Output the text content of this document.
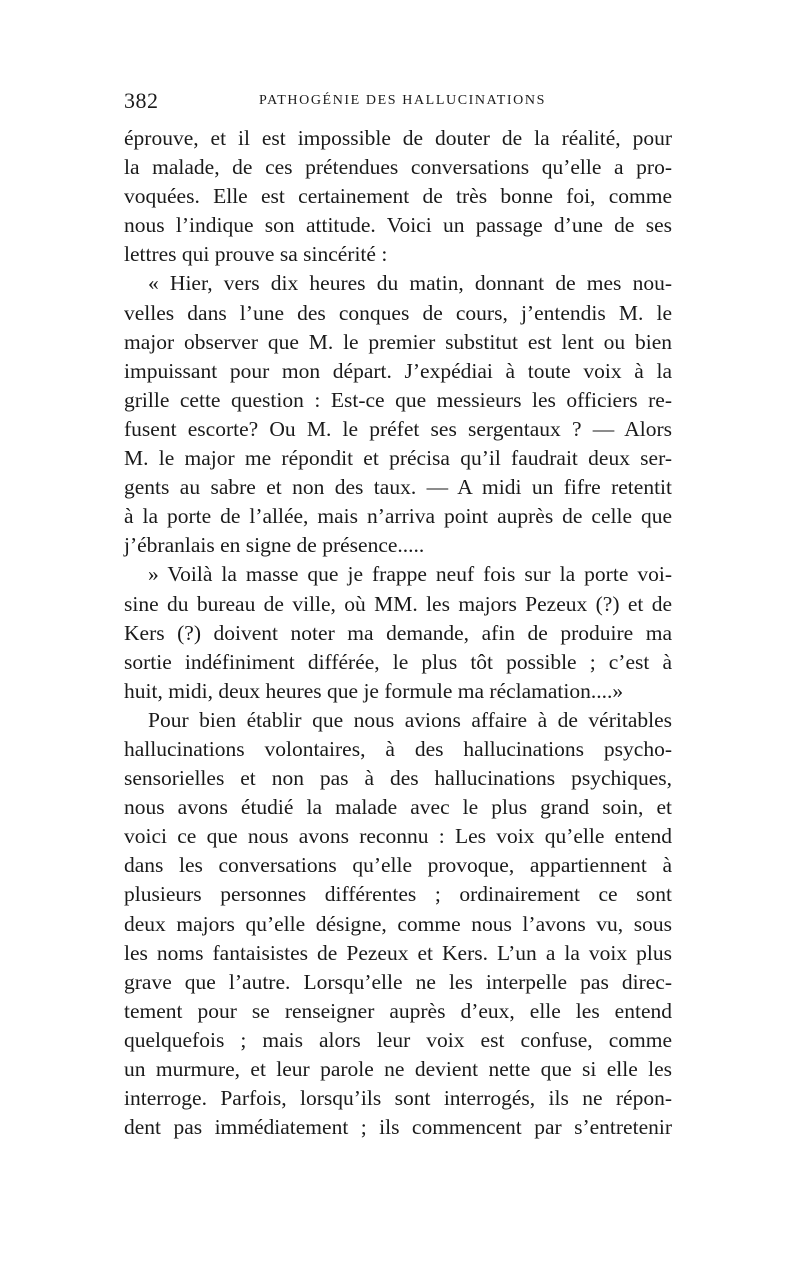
382	PATHOGÉNIE DES HALLUCINATIONS
éprouve, et il est impossible de douter de la réalité, pour
la malade, de ces prétendues conversations qu’elle a pro-
voquées. Elle est certainement de très bonne foi, comme
nous l’indique son attitude. Voici un passage d’une de ses
lettres qui prouve sa sincérité :
« Hier, vers dix heures du matin, donnant de mes nou-
velles dans l’une des conques de cours, j’entendis M. le
major observer que M. le premier substitut est lent ou bien
impuissant pour mon départ. J’expédiai à toute voix à la
grille cette question : Est-ce que messieurs les officiers re-
fusent escorte? Ou M. le préfet ses sergentaux ? — Alors
M. le major me répondit et précisa qu’il faudrait deux ser-
gents au sabre et non des taux. — A midi un fifre retentit
à la porte de l’allée, mais n’arriva point auprès de celle que
j’ébranlais en signe de présence.....
» Voilà la masse que je frappe neuf fois sur la porte voi-
sine du bureau de ville, où MM. les majors Pezeux (?) et de
Kers (?) doivent noter ma demande, afin de produire ma
sortie indéfiniment différée, le plus tôt possible ; c’est à
huit, midi, deux heures que je formule ma réclamation....»
Pour bien établir que nous avions affaire à de véritables
hallucinations volontaires, à des hallucinations psycho-
sensorielles et non pas à des hallucinations psychiques,
nous avons étudié la malade avec le plus grand soin, et
voici ce que nous avons reconnu : Les voix qu’elle entend
dans les conversations qu’elle provoque, appartiennent à
plusieurs personnes différentes ; ordinairement ce sont
deux majors qu’elle désigne, comme nous l’avons vu, sous
les noms fantaisistes de Pezeux et Kers. L’un a la voix plus
grave que l’autre. Lorsqu’elle ne les interpelle pas direc-
tement pour se renseigner auprès d’eux, elle les entend
quelquefois ; mais alors leur voix est confuse, comme
un murmure, et leur parole ne devient nette que si elle les
interroge. Parfois, lorsqu’ils sont interrogés, ils ne répon-
dent pas immédiatement ; ils commencent par s’entretenir
